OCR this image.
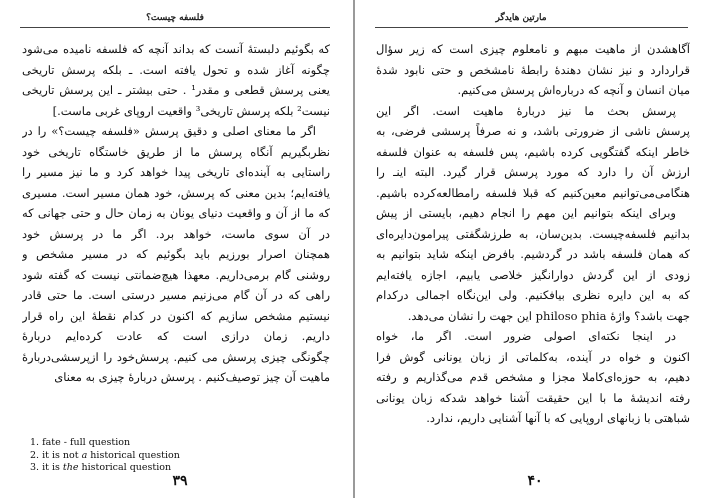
فلسفه چیست؟
که بگوئیم دلبستهٔ آنست که بداند آنچه که فلسفه نامیده می‌شود
چگونه آغاز شده و تحول یافته است. ـ بلکه پرسش تاریخی
یعنی پرسش قطعی و مقدر¹ . حتی بیشتر ـ این پرسش تاریخی
نیست² بلکه پرسش تاریخی³ واقعیت اروپای غربی ماست.]
اگر ما معنای اصلی و دقیق پرسش «فلسفه چیست؟» را در
نظربگیریم آنگاه پرسش ما از طریق خاستگاه تاریخی خود
راستایی به آینده‌ای تاریخی پیدا خواهد کرد و ما نیز مسیر را
یافته‌ایم؛ بدین معنی که پرسش، خود همان مسیر است. مسیری
که ما از آن و واقعیت دنیای یونان به زمان حال و حتی جهانی که
در آن سوی ماست، خواهد برد. اگر ما در پرسش خود
همچنان اصرار بورزیم باید بگوئیم که در مسیر مشخص و
روشنی گام برمی‌داریم. معهذا هیچ‌ضمانتی نیست که گفته شود
راهی که در آن گام می‌زنیم مسیر درستی است. ما حتی قادر
نیستیم مشخص سازیم که اکنون در کدام نقطهٔ این راه قرار
داریم. زمان درازی است که عادت کرده‌ایم درباره‌ٔ
چگونگی چیزی پرسش می کنیم. پرسش‌خود را ازپرسشی‌درباره‌ٔ
ماهیت آن چیز توصیف‌کنیم . پرسش دربارهٔ چیزی به معنای
1. fate - full question
2. it is not a historical question
3. it is the historical question
۳۹
مارتین هایدگر
آگاهشدن از ماهیت مبهم و نامعلوم چیزی است که زیر سؤال
قراردارد و نیز نشان دهندهٔ رابطهٔ نامشخص و حتی نابود شدهٔ
میان انسان و آنچه که درباره‌اش پرسش می‌کنیم.
پرسش بحث ما نیز درباره‌ٔ ماهیت است. اگر این
پرسش ناشی از ضرورتی باشد، و نه صرفاً پرسشی فرضی، به
خاطر اینکه گفتگویی کرده باشیم، پس فلسفه به عنوان فلسفه
ارزش آن را دارد که مورد پرسش قرار گیرد. البته اینـ را
هنگامی‌می‌توانیم معین‌کنیم که قبلا فلسفه رامطالعه‌کرده باشیم.
وبرای اینکه بتوانیم این مهم را انجام دهیم، بایستی از پیش
بدانیم فلسفه‌چیست. بدین‌سان، به طرزشگفتی پیرامون‌دایره‌ای
که همان فلسفه باشد در گردشیم. بافرض اینکه شاید بتوانیم به
زودی از این گردش دوارانگیز خلاصی یابیم، اجازه یافته‌ایم
که به این دایره نظری بیافکنیم. ولی این‌نگاه اجمالی درکدام
جهت باشد؟ واژهٔ philoso phia این جهت را نشان می‌دهد.
در اینجا نکته‌ای اصولی ضرور است. اگر ما، خواه
اکنون و خواه در آینده، به‌کلماتی از زبان یونانی گوش فرا
دهیم، به حوزه‌ای‌کاملا مجزا و مشخص قدم می‌گذاریم و رفته
رفته اندیشهٔ ما با این حقیقت آشنا خواهد شدکه زبان یونانی
شباهتی با زبانهای اروپایی که با آنها آشنایی داریم، ندارد.
۴۰
